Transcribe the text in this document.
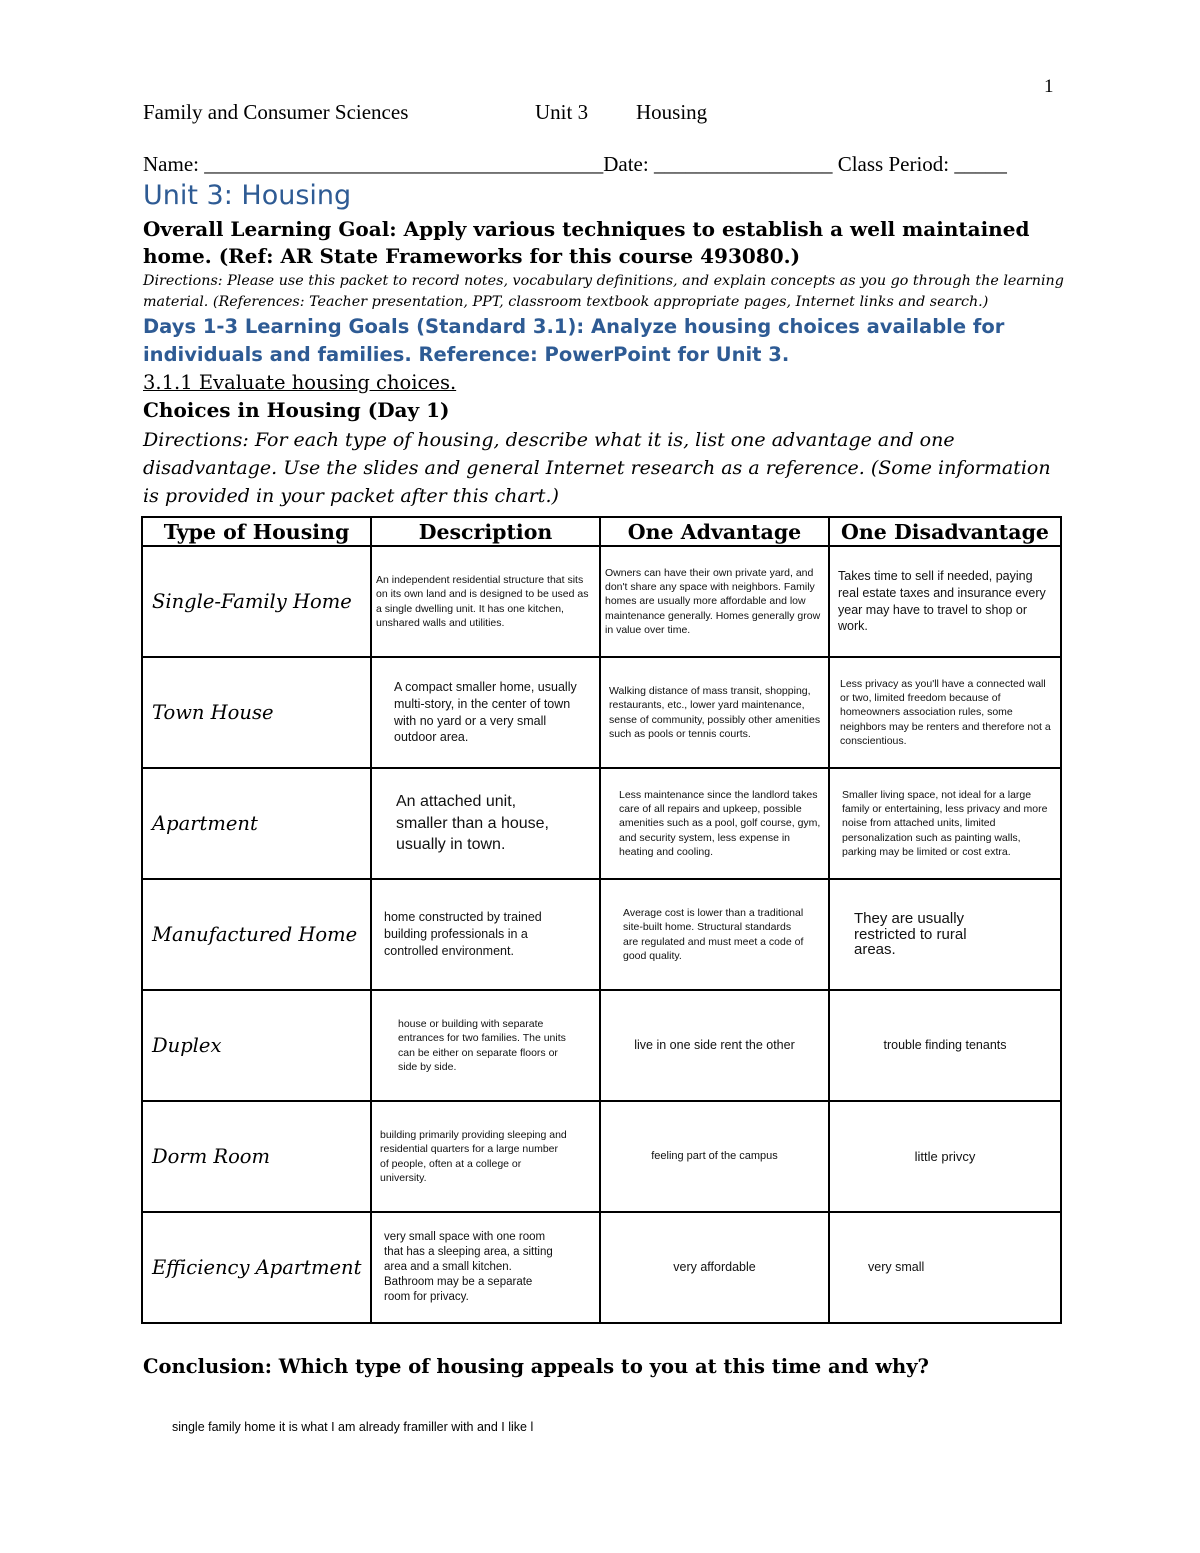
1
Family and Consumer Sciences	Unit 3 Housing
Name: ______________________________________Date: _________________ Class Period: _____
Unit 3: Housing
Overall Learning Goal: Apply various techniques to establish a well maintained home. (Ref: AR State Frameworks for this course 493080.)
Directions: Please use this packet to record notes, vocabulary definitions, and explain concepts as you go through the learning material. (References: Teacher presentation, PPT, classroom textbook appropriate pages, Internet links and search.)
Days 1-3 Learning Goals (Standard 3.1): Analyze housing choices available for individuals and families. Reference: PowerPoint for Unit 3.
3.1.1 Evaluate housing choices.
Choices in Housing (Day 1)
Directions: For each type of housing, describe what it is, list one advantage and one disadvantage. Use the slides and general Internet research as a reference. (Some information is provided in your packet after this chart.)
Type of Housing	Description	One Advantage	One Disadvantage
Single-Family Home	An independent residential structure that sits on its own land and is designed to be used as a single dwelling unit. It has one kitchen, unshared walls and utilities.	Owners can have their own private yard, and don't share any space with neighbors. Family homes are usually more affordable and low maintenance generally. Homes generally grow in value over time.	Takes time to sell if needed, paying real estate taxes and insurance every year may have to travel to shop or work.

Town House	A compact smaller home, usually multi-story, in the center of town with no yard or a very small outdoor area.	Walking distance of mass transit, shopping, restaurants, etc., lower yard maintenance, sense of community, possibly other amenities such as pools or tennis courts.	Less privacy as you'll have a connected wall or two, limited freedom because of homeowners association rules, some neighbors may be renters and therefore not a conscientious.

Apartment	An attached unit, smaller than a house, usually in town.	Less maintenance since the landlord takes care of all repairs and upkeep, possible amenities such as a pool, golf course, gym, and security system, less expense in heating and cooling.	Smaller living space, not ideal for a large family or entertaining, less privacy and more noise from attached units, limited personalization such as painting walls, parking may be limited or cost extra.

Manufactured Home	home constructed by trained building professionals in a controlled environment.	Average cost is lower than a traditional site-built home. Structural standards are regulated and must meet a code of good quality.	They are usually restricted to rural areas.

Duplex	house or building with separate entrances for two families. The units can be either on separate floors or side by side.	live in one side rent the other	trouble finding tenants

Dorm Room	building primarily providing sleeping and residential quarters for a large number of people, often at a college or university.	feeling part of the campus	little privcy

Efficiency Apartment	very small space with one room that has a sleeping area, a sitting area and a small kitchen. Bathroom may be a separate room for privacy.	very affordable	very small
Conclusion: Which type of housing appeals to you at this time and why?
single family home it is what I am already framiller with and I like l
